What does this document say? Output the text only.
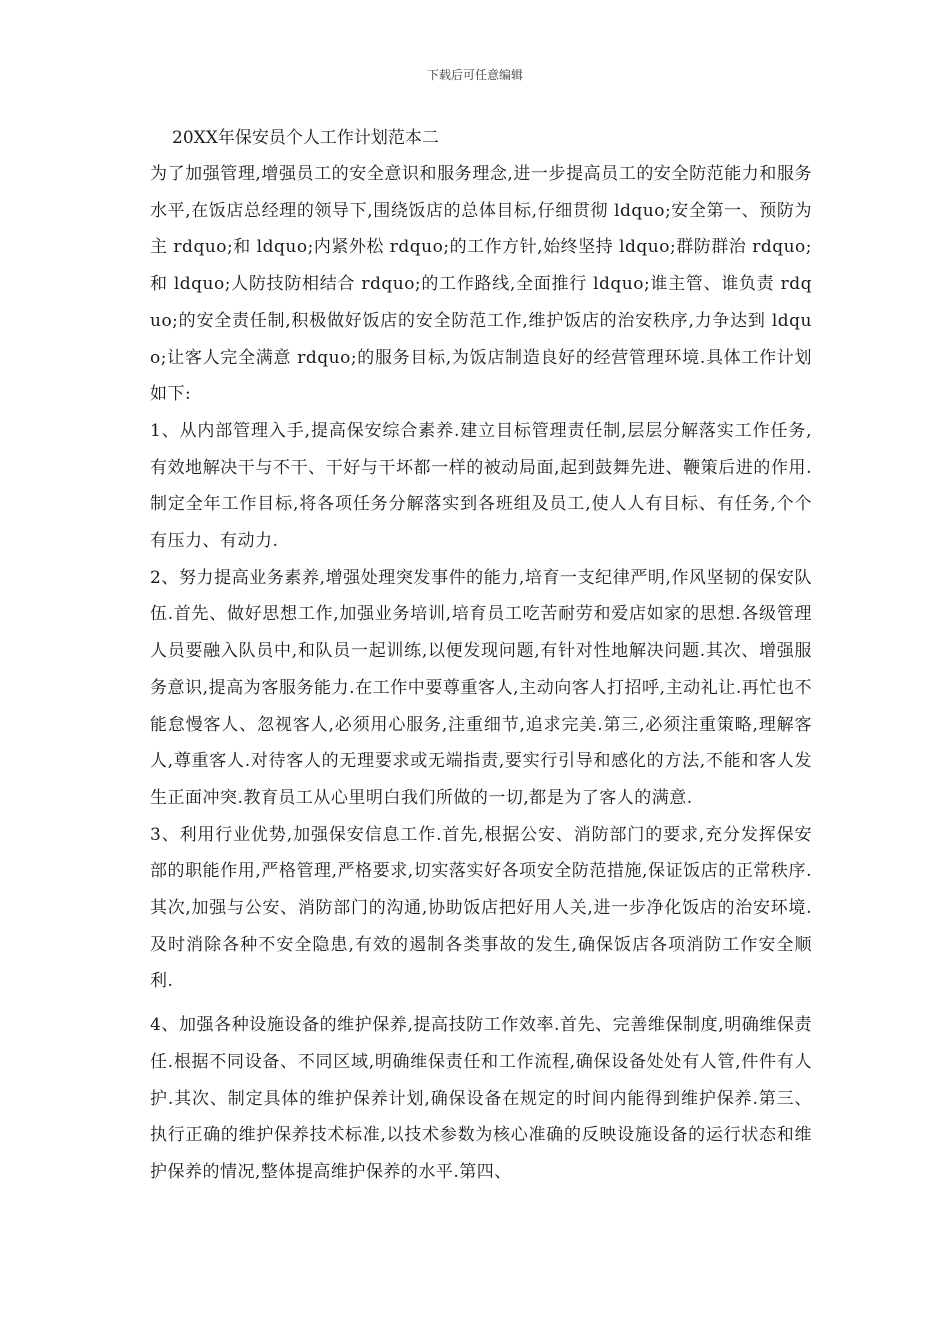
下载后可任意编辑
20XX年保安员个人工作计划范本二

为了加强管理,增强员工的安全意识和服务理念,进一步提高员工的安全防范能力和服务水平,在饭店总经理的领导下,围绕饭店的总体目标,仔细贯彻 ldquo;安全第一、预防为主 rdquo;和 ldquo;内紧外松 rdquo;的工作方针,始终坚持 ldquo;群防群治 rdquo;和 ldquo;人防技防相结合 rdquo;的工作路线,全面推行 ldquo;谁主管、谁负责 rdquo;的安全责任制,积极做好饭店的安全防范工作,维护饭店的治安秩序,力争达到 ldquo;让客人完全满意 rdquo;的服务目标,为饭店制造良好的经营管理环境.具体工作计划如下:

1、从内部管理入手,提高保安综合素养.建立目标管理责任制,层层分解落实工作任务,有效地解决干与不干、干好与干坏都一样的被动局面,起到鼓舞先进、鞭策后进的作用.制定全年工作目标,将各项任务分解落实到各班组及员工,使人人有目标、有任务,个个有压力、有动力.

2、努力提高业务素养,增强处理突发事件的能力,培育一支纪律严明,作风坚韧的保安队伍.首先、做好思想工作,加强业务培训,培育员工吃苦耐劳和爱店如家的思想.各级管理人员要融入队员中,和队员一起训练,以便发现问题,有针对性地解决问题.其次、增强服务意识,提高为客服务能力.在工作中要尊重客人,主动向客人打招呼,主动礼让.再忙也不能怠慢客人、忽视客人,必须用心服务,注重细节,追求完美.第三,必须注重策略,理解客人,尊重客人.对待客人的无理要求或无端指责,要实行引导和感化的方法,不能和客人发生正面冲突.教育员工从心里明白我们所做的一切,都是为了客人的满意.

3、利用行业优势,加强保安信息工作.首先,根据公安、消防部门的要求,充分发挥保安部的职能作用,严格管理,严格要求,切实落实好各项安全防范措施,保证饭店的正常秩序.其次,加强与公安、消防部门的沟通,协助饭店把好用人关,进一步净化饭店的治安环境.及时消除各种不安全隐患,有效的遏制各类事故的发生,确保饭店各项消防工作安全顺利.

4、加强各种设施设备的维护保养,提高技防工作效率.首先、完善维保制度,明确维保责任.根据不同设备、不同区域,明确维保责任和工作流程,确保设备处处有人管,件件有人护.其次、制定具体的维护保养计划,确保设备在规定的时间内能得到维护保养.第三、执行正确的维护保养技术标准,以技术参数为核心准确的反映设施设备的运行状态和维护保养的情况,整体提高维护保养的水平.第四、
